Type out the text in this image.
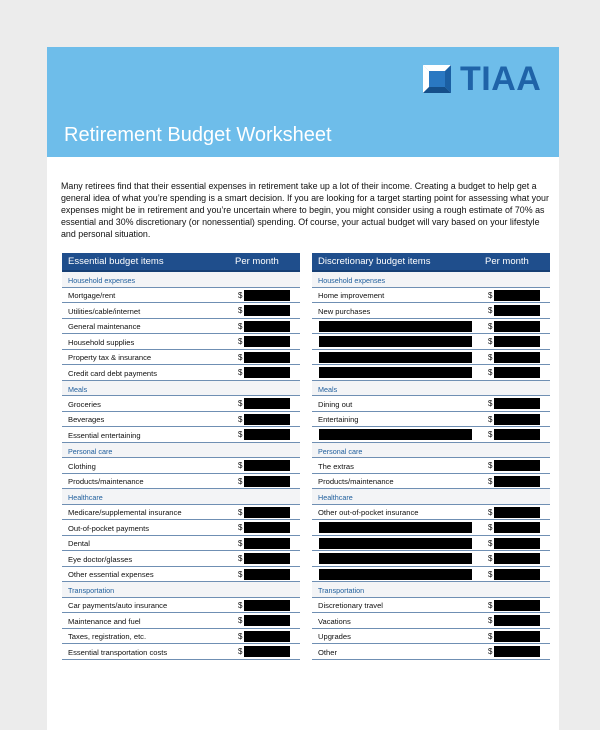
TIAA
Retirement Budget Worksheet
Many retirees find that their essential expenses in retirement take up a lot of their income. Creating a budget to help get a general idea of what you’re spending is a smart decision. If you are looking for a target starting point for assessing what your expenses might be in retirement and you’re uncertain where to begin, you might consider using a rough estimate of 70% as essential and 30% discretionary (or nonessential) spending. Of course, your actual budget will vary based on your lifestyle and personal situation.
Essential budget items	Per month
Household expenses
Mortgage/rent	$
Utilities/cable/internet	$
General maintenance	$
Household supplies	$
Property tax & insurance	$
Credit card debt payments	$
Meals
Groceries	$
Beverages	$
Essential entertaining	$
Personal care
Clothing	$
Products/maintenance	$
Healthcare
Medicare/supplemental insurance	$
Out-of-pocket payments	$
Dental	$
Eye doctor/glasses	$
Other essential expenses	$
Transportation
Car payments/auto insurance	$
Maintenance and fuel	$
Taxes, registration, etc.	$
Essential transportation costs	$
Discretionary budget items	Per month
Household expenses
Home improvement	$
New purchases	$
$
$
$
$
Meals
Dining out	$
Entertaining	$
$
Personal care
The extras	$
Products/maintenance	$
Healthcare
Other out-of-pocket insurance	$
$
$
$
$
Transportation
Discretionary travel	$
Vacations	$
Upgrades	$
Other	$
